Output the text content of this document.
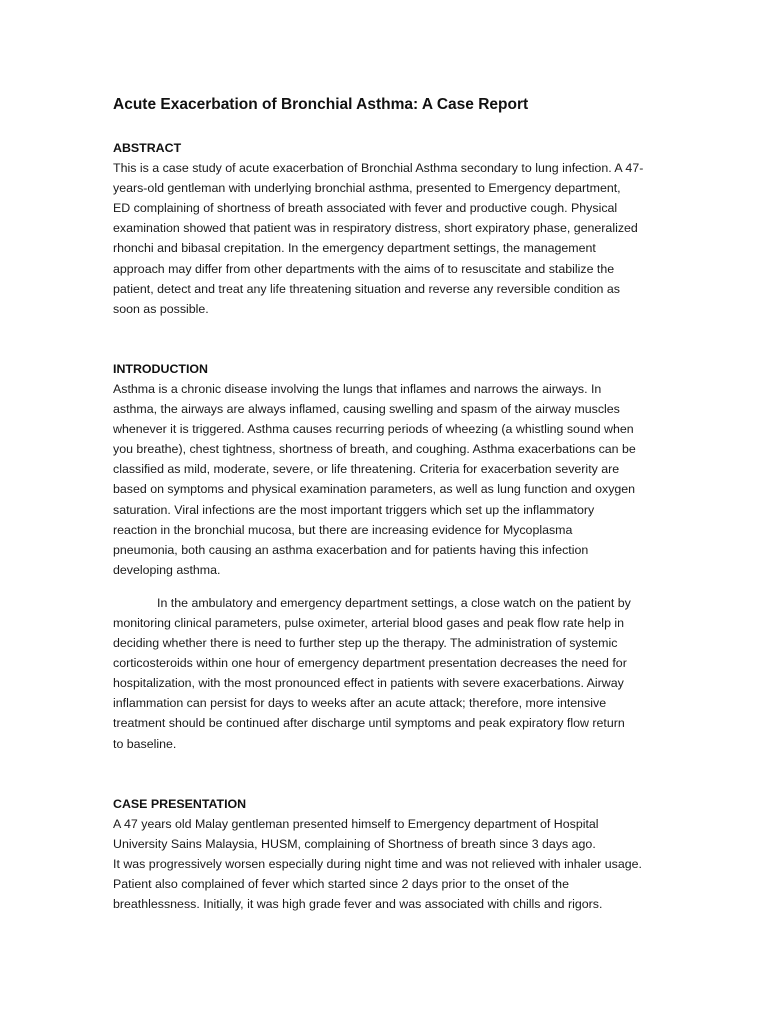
Acute Exacerbation of Bronchial Asthma: A Case Report
ABSTRACT

This is a case study of acute exacerbation of Bronchial Asthma secondary to lung infection. A 47-
years-old gentleman with underlying bronchial asthma, presented to Emergency department,
ED complaining of shortness of breath associated with fever and productive cough. Physical
examination showed that patient was in respiratory distress, short expiratory phase, generalized
rhonchi and bibasal crepitation. In the emergency department settings, the management
approach may differ from other departments with the aims of to resuscitate and stabilize the
patient, detect and treat any life threatening situation and reverse any reversible condition as
soon as possible.

INTRODUCTION

Asthma is a chronic disease involving the lungs that inflames and narrows the airways. In
asthma, the airways are always inflamed, causing swelling and spasm of the airway muscles
whenever it is triggered. Asthma causes recurring periods of wheezing (a whistling sound when
you breathe), chest tightness, shortness of breath, and coughing. Asthma exacerbations can be
classified as mild, moderate, severe, or life threatening. Criteria for exacerbation severity are
based on symptoms and physical examination parameters, as well as lung function and oxygen
saturation. Viral infections are the most important triggers which set up the inflammatory
reaction in the bronchial mucosa, but there are increasing evidence for Mycoplasma
pneumonia, both causing an asthma exacerbation and for patients having this infection
developing asthma.

In the ambulatory and emergency department settings, a close watch on the patient by
monitoring clinical parameters, pulse oximeter, arterial blood gases and peak flow rate help in
deciding whether there is need to further step up the therapy. The administration of systemic
corticosteroids within one hour of emergency department presentation decreases the need for
hospitalization, with the most pronounced effect in patients with severe exacerbations. Airway
inflammation can persist for days to weeks after an acute attack; therefore, more intensive
treatment should be continued after discharge until symptoms and peak expiratory flow return
to baseline.

CASE PRESENTATION

A 47 years old Malay gentleman presented himself to Emergency department of Hospital
University Sains Malaysia, HUSM, complaining of Shortness of breath since 3 days ago.
It was progressively worsen especially during night time and was not relieved with inhaler usage.
Patient also complained of fever which started since 2 days prior to the onset of the
breathlessness. Initially, it was high grade fever and was associated with chills and rigors.
